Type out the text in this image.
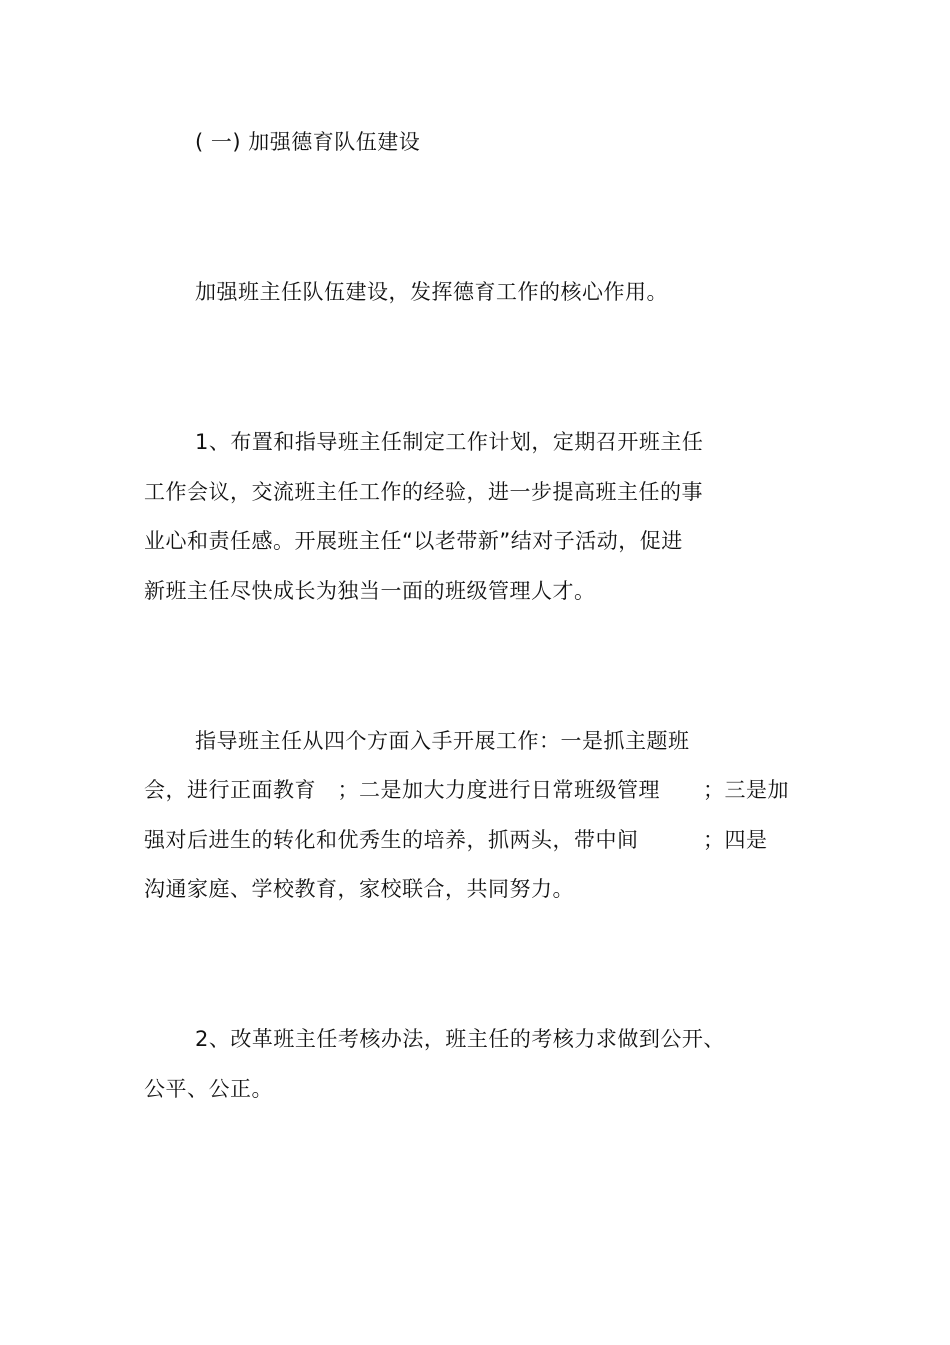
( 一) 加强德育队伍建设
加强班主任队伍建设，发挥德育工作的核心作用。
1、布置和指导班主任制定工作计划，定期召开班主任
工作会议，交流班主任工作的经验，进一步提高班主任的事
业心和责任感。开展班主任“以老带新”结对子活动，促进
新班主任尽快成长为独当一面的班级管理人才。
指导班主任从四个方面入手开展工作：一是抓主题班
会，进行正面教育　；二是加大力度进行日常班级管理　　；三是加
强对后进生的转化和优秀生的培养，抓两头，带中间　　　；四是
沟通家庭、学校教育，家校联合，共同努力。
2、改革班主任考核办法，班主任的考核力求做到公开、
公平、公正。
